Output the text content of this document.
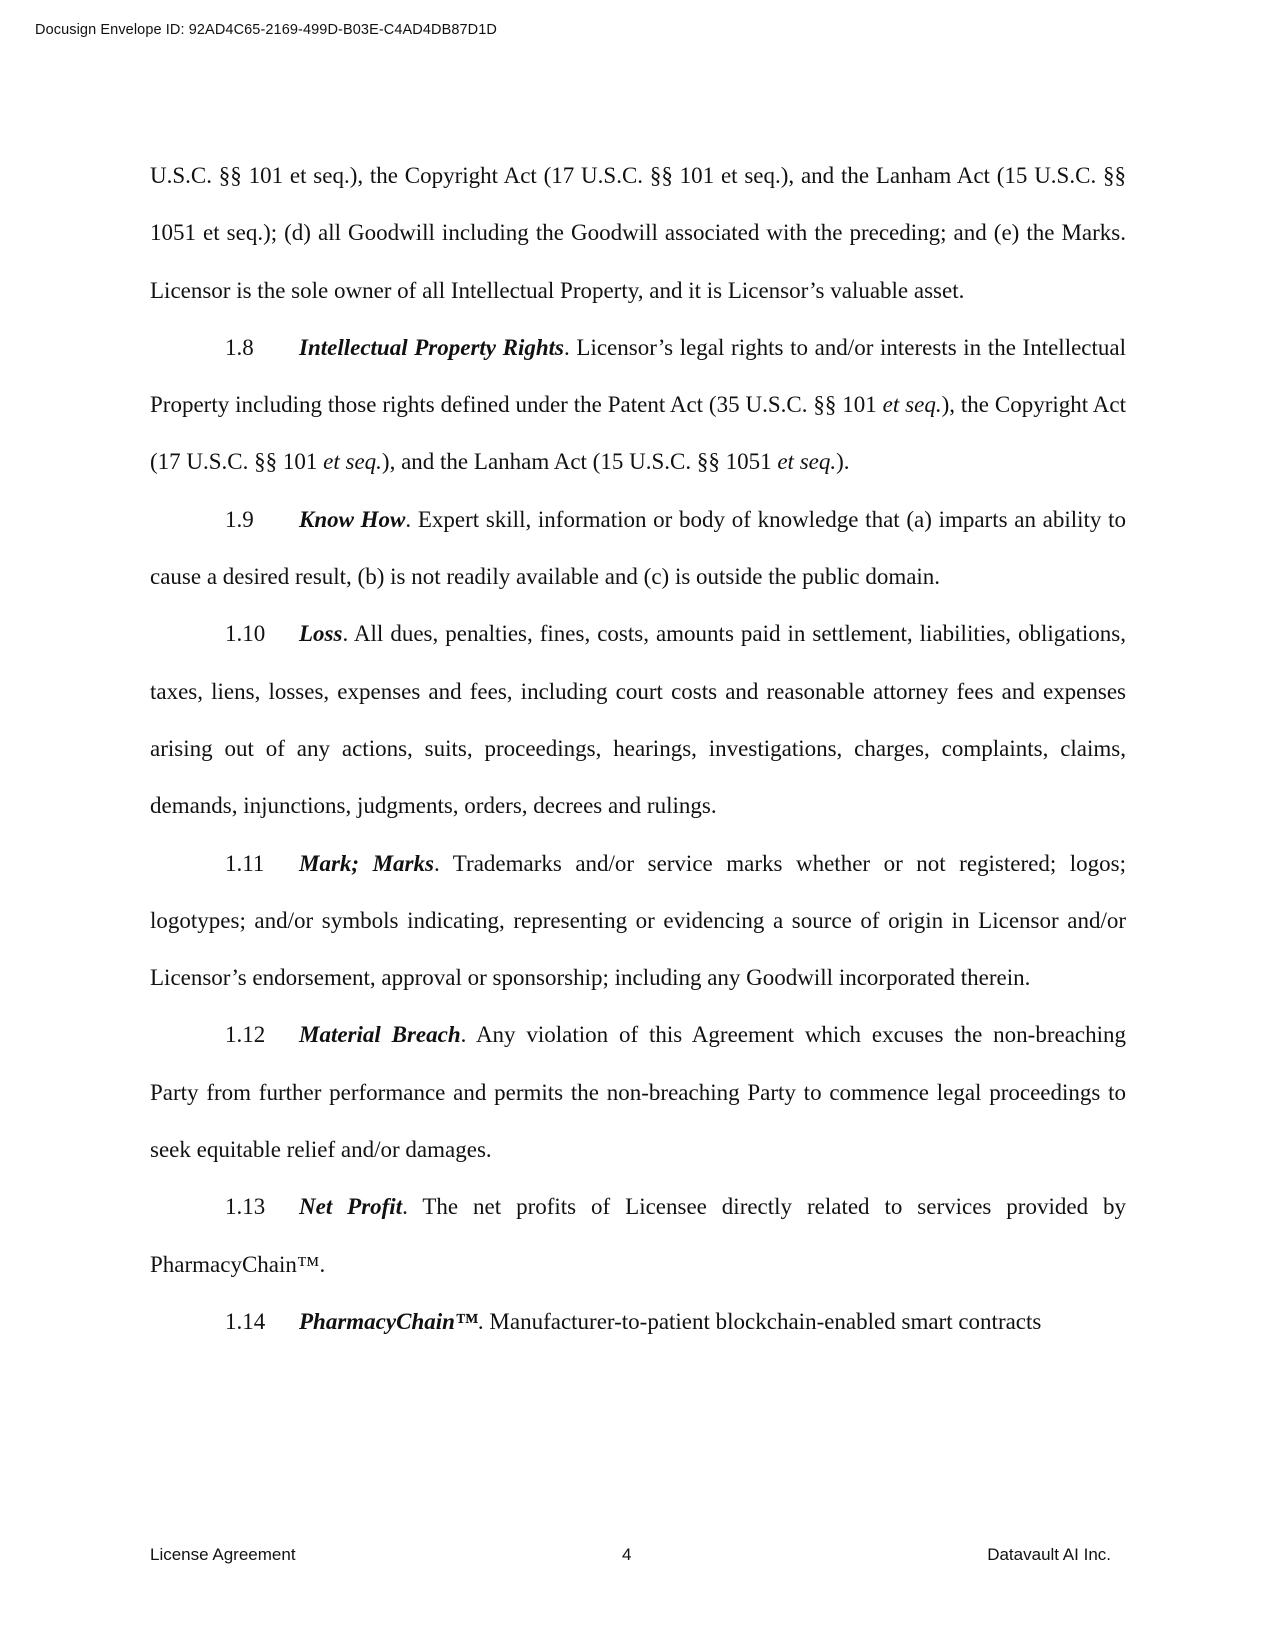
Docusign Envelope ID: 92AD4C65-2169-499D-B03E-C4AD4DB87D1D

U.S.C. §§ 101 et seq.), the Copyright Act (17 U.S.C. §§ 101 et seq.), and the Lanham Act (15 U.S.C. §§ 1051 et seq.); (d) all Goodwill including the Goodwill associated with the preceding; and (e) the Marks. Licensor is the sole owner of all Intellectual Property, and it is Licensor’s valuable asset.

1.8 Intellectual Property Rights. Licensor’s legal rights to and/or interests in the Intellectual Property including those rights defined under the Patent Act (35 U.S.C. §§ 101 et seq.), the Copyright Act (17 U.S.C. §§ 101 et seq.), and the Lanham Act (15 U.S.C. §§ 1051 et seq.).

1.9 Know How. Expert skill, information or body of knowledge that (a) imparts an ability to cause a desired result, (b) is not readily available and (c) is outside the public domain.

1.10 Loss. All dues, penalties, fines, costs, amounts paid in settlement, liabilities, obligations, taxes, liens, losses, expenses and fees, including court costs and reasonable attorney fees and expenses arising out of any actions, suits, proceedings, hearings, investigations, charges, complaints, claims, demands, injunctions, judgments, orders, decrees and rulings.

1.11 Mark; Marks. Trademarks and/or service marks whether or not registered; logos; logotypes; and/or symbols indicating, representing or evidencing a source of origin in Licensor and/or Licensor’s endorsement, approval or sponsorship; including any Goodwill incorporated therein.

1.12 Material Breach. Any violation of this Agreement which excuses the non-breaching Party from further performance and permits the non-breaching Party to commence legal proceedings to seek equitable relief and/or damages.

1.13 Net Profit. The net profits of Licensee directly related to services provided by PharmacyChain™.

1.14 PharmacyChain™. Manufacturer-to-patient blockchain-enabled smart contracts

License Agreement	4	Datavault AI Inc.
